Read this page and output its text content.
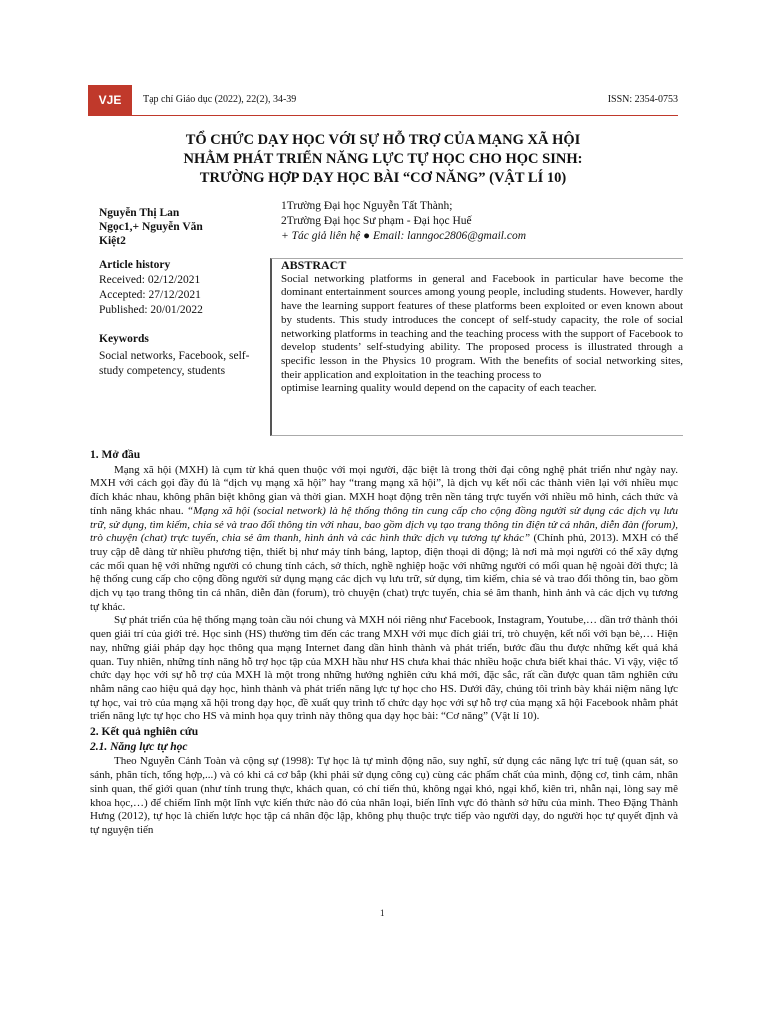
VJE	Tạp chí Giáo dục (2022), 22(2), 34-39	ISSN: 2354-0753
TỔ CHỨC DẠY HỌC VỚI SỰ HỖ TRỢ CỦA MẠNG XÃ HỘI
NHẰM PHÁT TRIỂN NĂNG LỰC TỰ HỌC CHO HỌC SINH:
TRƯỜNG HỢP DẠY HỌC BÀI “CƠ NĂNG” (VẬT LÍ 10)
Nguyễn Thị Lan
Ngọc1,+ Nguyễn Văn
Kiệt2
1Trường Đại học Nguyễn Tất Thành;
2Trường Đại học Sư phạm - Đại học Huế
+ Tác giả liên hệ ● Email: lanngoc2806@gmail.com
Article history
Received: 02/12/2021
Accepted: 27/12/2021
Published: 20/01/2022
Keywords
Social networks, Facebook, self-study competency, students
ABSTRACT
Social networking platforms in general and Facebook in particular have become the dominant entertainment sources among young people, including students. However, hardly have the learning support features of these platforms been exploited or even known about by students. This study introduces the concept of self-study capacity, the role of social networking platforms in teaching and the teaching process with the support of Facebook to develop students’ self-studying ability. The proposed process is illustrated through a specific lesson in the Physics 10 program. With the benefits of social networking sites, their application and exploitation in the teaching process to
optimise learning quality would depend on the capacity of each teacher.
1. Mở đầu

Mạng xã hội (MXH) là cụm từ khá quen thuộc với mọi người, đặc biệt là trong thời đại công nghệ phát triển như ngày nay. MXH với cách gọi đầy đủ là “dịch vụ mạng xã hội” hay “trang mạng xã hội”, là dịch vụ kết nối các thành viên lại với nhiều mục đích khác nhau, không phân biệt không gian và thời gian. MXH hoạt động trên nền tảng trực tuyến với nhiều mô hình, cách thức và tính năng khác nhau. “Mạng xã hội (social network) là hệ thống thông tin cung cấp cho cộng đồng người sử dụng các dịch vụ lưu trữ, sử dụng, tìm kiếm, chia sẻ và trao đổi thông tin với nhau, bao gồm dịch vụ tạo trang thông tin điện tử cá nhân, diễn đàn (forum), trò chuyện (chat) trực tuyến, chia sẻ âm thanh, hình ảnh và các hình thức dịch vụ tương tự khác” (Chính phủ, 2013). MXH có thể truy cập dễ dàng từ nhiều phương tiện, thiết bị như máy tính bảng, laptop, điện thoại di động; là nơi mà mọi người có thể xây dựng các mối quan hệ với những người có chung tính cách, sở thích, nghề nghiệp hoặc với những người có mối quan hệ ngoài đời thực; là hệ thống cung cấp cho cộng đồng người sử dụng mạng các dịch vụ lưu trữ, sử dụng, tìm kiếm, chia sẻ và trao đổi thông tin, bao gồm dịch vụ tạo trang thông tin cá nhân, diễn đàn (forum), trò chuyện (chat) trực tuyến, chia sẻ âm thanh, hình ảnh và các dịch vụ tương tự khác.

Sự phát triển của hệ thống mạng toàn cầu nói chung và MXH nói riêng như Facebook, Instagram, Youtube,… dần trở thành thói quen giải trí của giới trẻ. Học sinh (HS) thường tìm đến các trang MXH với mục đích giải trí, trò chuyện, kết nối với bạn bè,… Hiện nay, những giải pháp dạy học thông qua mạng Internet đang dần hình thành và phát triển, bước đầu thu được những kết quả khả quan. Tuy nhiên, những tính năng hỗ trợ học tập của MXH hầu như HS chưa khai thác nhiều hoặc chưa biết khai thác. Vì vậy, việc tổ chức dạy học với sự hỗ trợ của MXH là một trong những hướng nghiên cứu khá mới, đặc sắc, rất cần được quan tâm nghiên cứu nhằm nâng cao hiệu quả dạy học, hình thành và phát triển năng lực tự học cho HS. Dưới đây, chúng tôi trình bày khái niệm năng lực tự học, vai trò của mạng xã hội trong dạy học, đề xuất quy trình tổ chức dạy học với sự hỗ trợ của mạng xã hội Facebook nhằm phát triển năng lực tự học cho HS và minh họa quy trình này thông qua dạy học bài: “Cơ năng” (Vật lí 10).

2. Kết quả nghiên cứu
2.1. Năng lực tự học

Theo Nguyễn Cảnh Toàn và cộng sự (1998): Tự học là tự mình động não, suy nghĩ, sử dụng các năng lực trí tuệ (quan sát, so sánh, phân tích, tổng hợp,...) và có khi cả cơ bắp (khi phải sử dụng công cụ) cùng các phẩm chất của mình, động cơ, tình cảm, nhân sinh quan, thế giới quan (như tính trung thực, khách quan, có chí tiến thủ, không ngại khó, ngại khổ, kiên trì, nhẫn nại, lòng say mê khoa học,…) để chiếm lĩnh một lĩnh vực kiến thức nào đó của nhân loại, biến lĩnh vực đó thành sở hữu của mình. Theo Đặng Thành Hưng (2012), tự học là chiến lược học tập cá nhân độc lập, không phụ thuộc trực tiếp vào người dạy, do người học tự quyết định và tự nguyện tiến

1
